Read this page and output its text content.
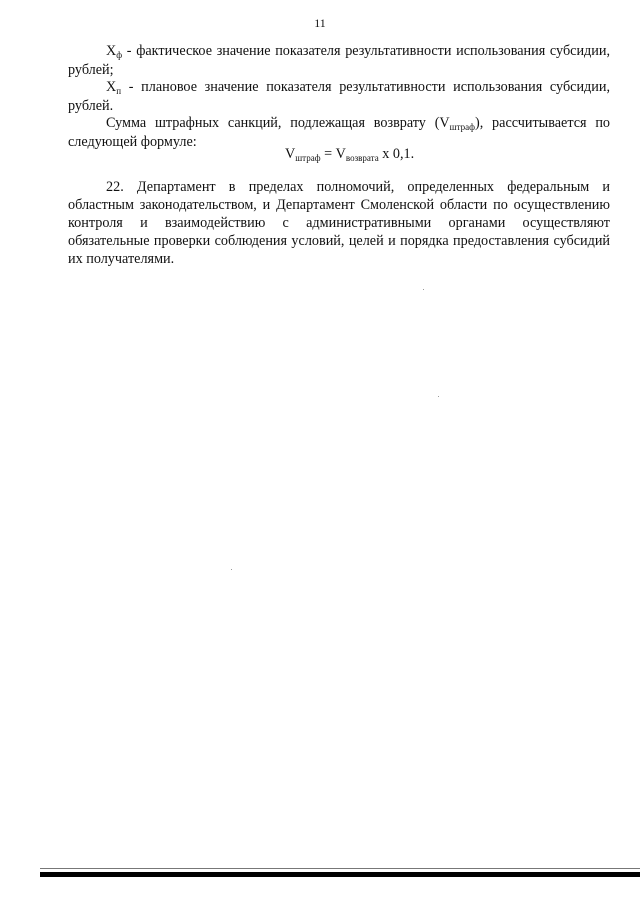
11

$Х_ф$ - фактическое значение показателя результативности использования субсидии, рублей;

$Х_п$ - плановое значение показателя результативности использования субсидии, рублей.

Сумма штрафных санкций, подлежащая возврату $(V_{штраф})$, рассчитывается по следующей формуле:

$V_{штраф} = V_{возврата}$ х 0,1.

22. Департамент в пределах полномочий, определенных федеральным и областным законодательством, и Департамент Смоленской области по осуществлению контроля и взаимодействию с административными органами осуществляют обязательные проверки соблюдения условий, целей и порядка предоставления субсидий их получателями.
